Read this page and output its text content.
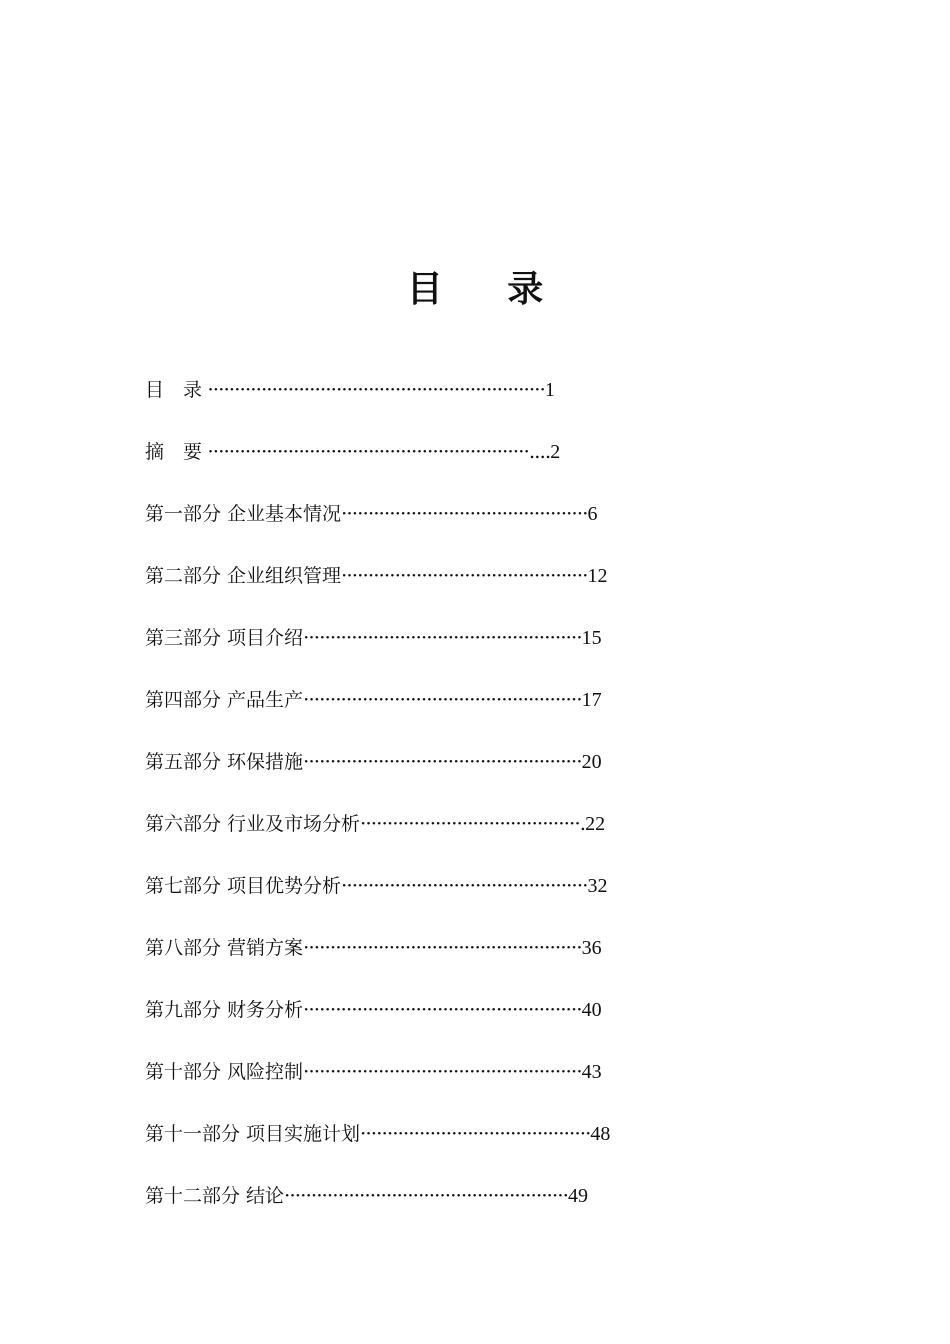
目 录
目　录 ·······························································1
摘　要 ····························································....2
第一部分 企业基本情况··············································6
第二部分 企业组织管理··············································12
第三部分 项目介绍····················································15
第四部分 产品生产····················································17
第五部分 环保措施····················································20
第六部分 行业及市场分析·········································.22
第七部分 项目优势分析··············································32
第八部分 营销方案····················································36
第九部分 财务分析····················································40
第十部分 风险控制····················································43
第十一部分 项目实施计划···········································48
第十二部分 结论·····················································49
